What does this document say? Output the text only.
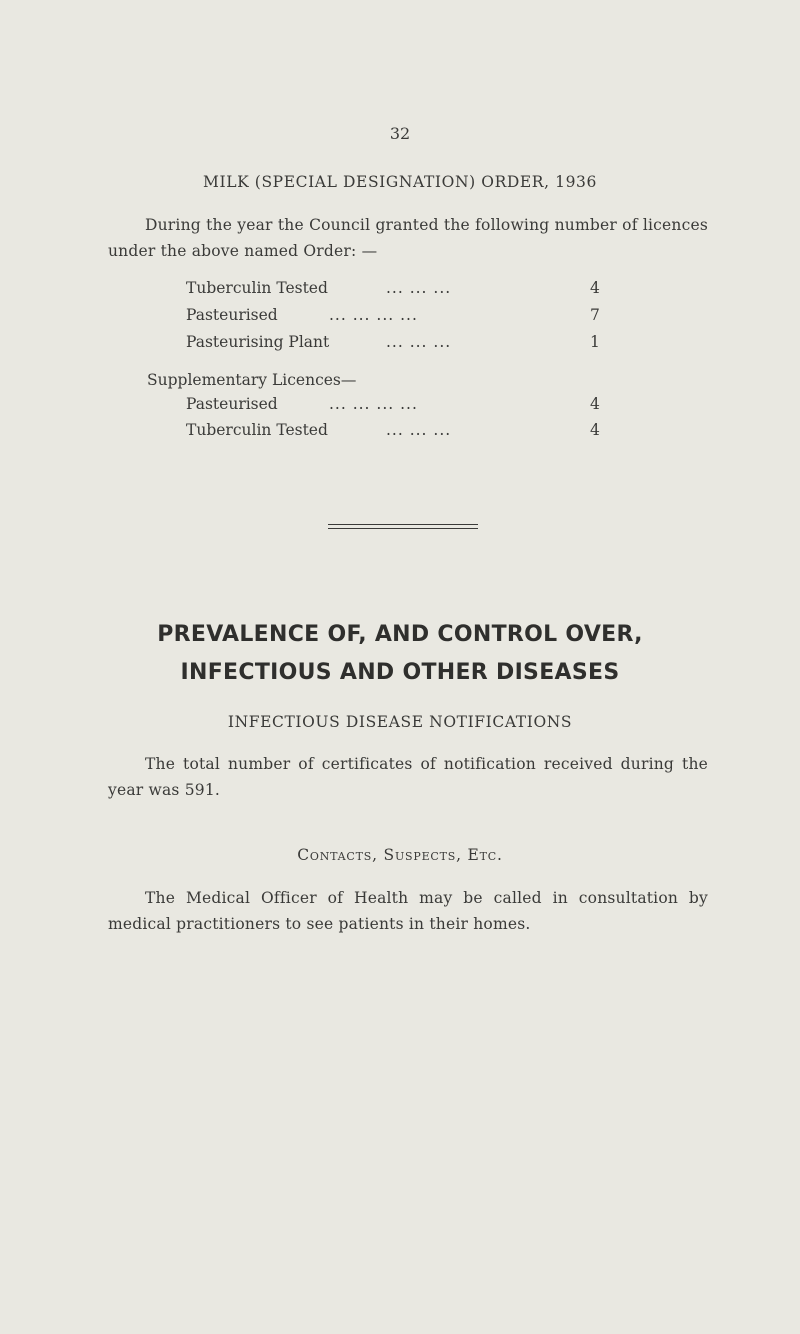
32
MILK (SPECIAL DESIGNATION) ORDER, 1936
During the year the Council granted the following number of licences under the above named Order: —
Tuberculin Tested	... ... ...	4
Pasteurised	... ... ... ...	7
Pasteurising Plant	... ... ...	1
Supplementary Licences—
Pasteurised	... ... ... ...	4
Tuberculin Tested	... ... ...	4
PREVALENCE OF, AND CONTROL OVER,
INFECTIOUS AND OTHER DISEASES
INFECTIOUS DISEASE NOTIFICATIONS
The total number of certificates of notification received during the year was 591.
Contacts, Suspects, Etc.
The Medical Officer of Health may be called in consultation by medical practitioners to see patients in their homes.
